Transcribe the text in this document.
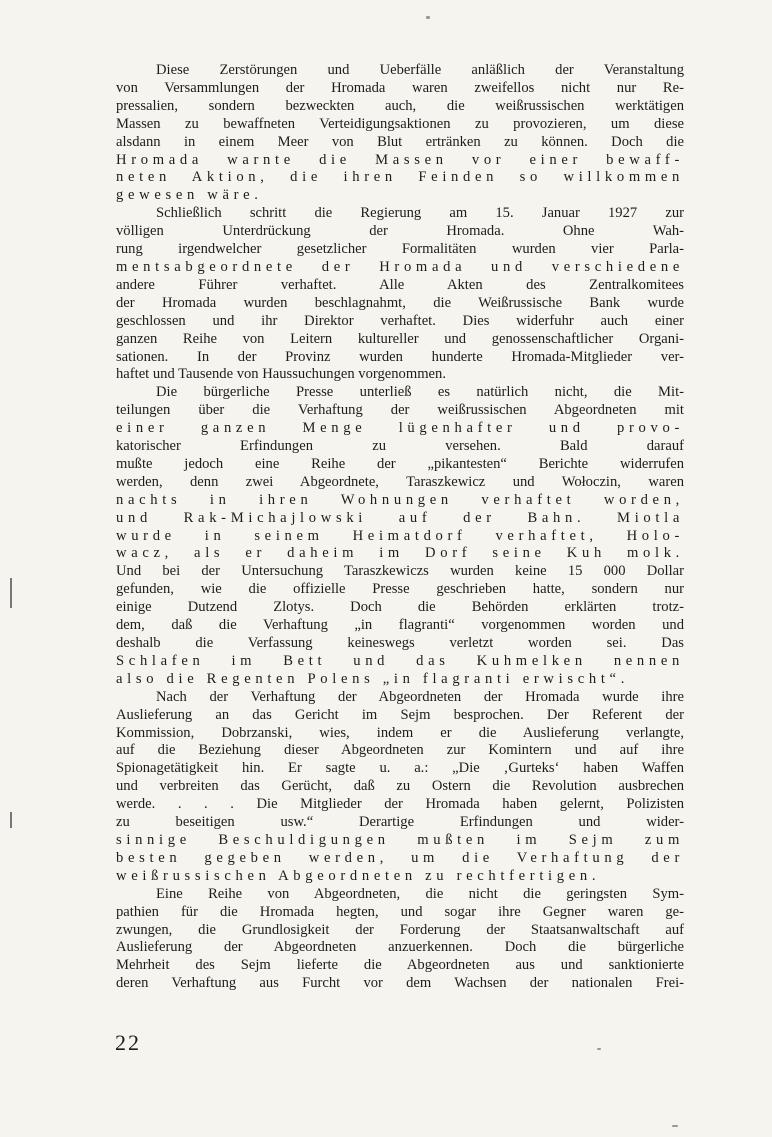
Diese Zerstörungen und Ueberfälle anläßlich der Veranstaltung
von Versammlungen der Hromada waren zweifellos nicht nur Re-
pressalien, sondern bezweckten auch, die weißrussischen werktätigen
Massen zu bewaffneten Verteidigungsaktionen zu provozieren, um diese
alsdann in einem Meer von Blut ertränken zu können. Doch die
Hromada warnte die Massen vor einer bewaff-
neten Aktion, die ihren Feinden so willkommen
gewesen wäre.
Schließlich schritt die Regierung am 15. Januar 1927 zur
völligen Unterdrückung der Hromada. Ohne Wah-
rung irgendwelcher gesetzlicher Formalitäten wurden vier Parla-
mentsabgeordnete der Hromada und verschiedene
andere Führer verhaftet. Alle Akten des Zentralkomitees
der Hromada wurden beschlagnahmt, die Weißrussische Bank wurde
geschlossen und ihr Direktor verhaftet. Dies widerfuhr auch einer
ganzen Reihe von Leitern kultureller und genossenschaftlicher Organi-
sationen. In der Provinz wurden hunderte Hromada-Mitglieder ver-
haftet und Tausende von Haussuchungen vorgenommen.
Die bürgerliche Presse unterließ es natürlich nicht, die Mit-
teilungen über die Verhaftung der weißrussischen Abgeordneten mit
einer ganzen Menge lügenhafter und provo-
katorischer Erfindungen zu versehen. Bald darauf
mußte jedoch eine Reihe der „pikantesten“ Berichte widerrufen
werden, denn zwei Abgeordnete, Taraszkewicz und Wołoczin, waren
nachts in ihren Wohnungen verhaftet worden,
und Rak-Michajlowski auf der Bahn. Miotla
wurde in seinem Heimatdorf verhaftet, Holo-
wacz, als er daheim im Dorf seine Kuh molk.
Und bei der Untersuchung Taraszkewiczs wurden keine 15 000 Dollar
gefunden, wie die offizielle Presse geschrieben hatte, sondern nur
einige Dutzend Zlotys. Doch die Behörden erklärten trotz-
dem, daß die Verhaftung „in flagranti“ vorgenommen worden und
deshalb die Verfassung keineswegs verletzt worden sei. Das
Schlafen im Bett und das Kuhmelken nennen
also die Regenten Polens „in flagranti erwischt“.
Nach der Verhaftung der Abgeordneten der Hromada wurde ihre
Auslieferung an das Gericht im Sejm besprochen. Der Referent der
Kommission, Dobrzanski, wies, indem er die Auslieferung verlangte,
auf die Beziehung dieser Abgeordneten zur Komintern und auf ihre
Spionagetätigkeit hin. Er sagte u. a.: „Die ‚Gurteks‘ haben Waffen
und verbreiten das Gerücht, daß zu Ostern die Revolution ausbrechen
werde. . . . Die Mitglieder der Hromada haben gelernt, Polizisten
zu beseitigen usw.“ Derartige Erfindungen und wider-
sinnige Beschuldigungen mußten im Sejm zum
besten gegeben werden, um die Verhaftung der
weißrussischen Abgeordneten zu rechtfertigen.
Eine Reihe von Abgeordneten, die nicht die geringsten Sym-
pathien für die Hromada hegten, und sogar ihre Gegner waren ge-
zwungen, die Grundlosigkeit der Forderung der Staatsanwaltschaft auf
Auslieferung der Abgeordneten anzuerkennen. Doch die bürgerliche
Mehrheit des Sejm lieferte die Abgeordneten aus und sanktionierte
deren Verhaftung aus Furcht vor dem Wachsen der nationalen Frei-
22
